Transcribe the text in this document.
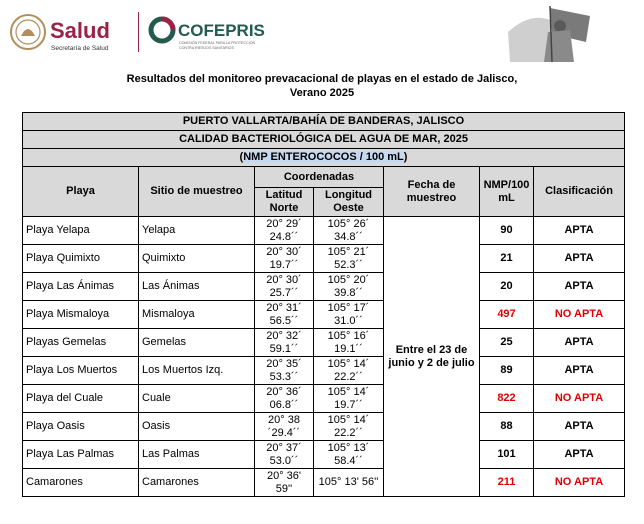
Salud
Secretaría de Salud
COFEPRIS
COMISIÓN FEDERAL PARA LA PROTECCIÓN
CONTRA RIESGOS SANITARIOS
Resultados del monitoreo prevacacional de playas en el estado de Jalisco,
Verano 2025
PUERTO VALLARTA/BAHÍA DE BANDERAS, JALISCO						
CALIDAD BACTERIOLÓGICA DEL AGUA DE MAR, 2025						
(NMP ENTEROCOCOS / 100 mL)						
Playa	Sitio de muestreo	Coordenadas		Fecha de muestreo	NMP/100 mL	Clasificación
		Latitud Norte	Longitud Oeste			
Playa Yelapa	Yelapa	20° 29´ 24.8´´	105° 26´ 34.8´´	Entre el 23 de junio y 2 de julio	90	APTA
Playa Quimixto	Quimixto	20° 30´ 19.7´´	105° 21´ 52.3´´		21	APTA
Playa Las Ánimas	Las Ánimas	20° 30´ 25.7´´	105° 20´ 39.8´´		20	APTA
Playa Mismaloya	Mismaloya	20° 31´ 56.5´´	105° 17´ 31.0´´		497	NO APTA
Playas Gemelas	Gemelas	20° 32´ 59.1´´	105° 16´ 19.1´´		25	APTA
Playa Los Muertos	Los Muertos Izq.	20° 35´ 53.3´´	105° 14´ 22.2´´		89	APTA
Playa del Cuale	Cuale	20° 36´ 06.8´´	105° 14´ 19.7´´		822	NO APTA
Playa Oasis	Oasis	20° 38 ´29.4´´	105° 14´ 22.2´´		88	APTA
Playa Las Palmas	Las Palmas	20° 37´ 53.0´´	105° 13´ 58.4´´		101	APTA
Camarones	Camarones	20° 36' 59''	105° 13' 56''		211	NO APTA
